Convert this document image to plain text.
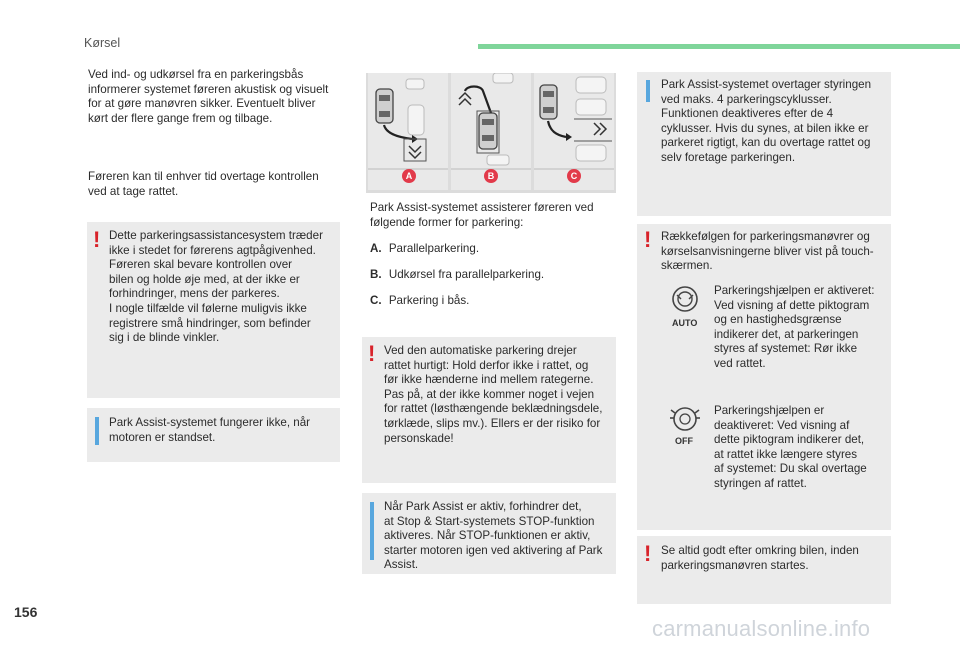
Kørsel
Ved ind- og udkørsel fra en parkeringsbås
informerer systemet føreren akustisk og visuelt
for at gøre manøvren sikker. Eventuelt bliver
kørt der flere gange frem og tilbage.
Føreren kan til enhver tid overtage kontrollen
ved at tage rattet.
! Dette parkeringsassistancesystem træder
ikke i stedet for førerens agtpågivenhed.
Føreren skal bevare kontrollen over
bilen og holde øje med, at der ikke er
forhindringer, mens der parkeres.
I nogle tilfælde vil følerne muligvis ikke
registrere små hindringer, som befinder
sig i de blinde vinkler.
Park Assist-systemet fungerer ikke, når
motoren er standset.
A	B	C
Park Assist-systemet assisterer føreren ved
følgende former for parkering:
A. Parallelparkering.
B. Udkørsel fra parallelparkering.
C. Parkering i bås.
! Ved den automatiske parkering drejer
rattet hurtigt: Hold derfor ikke i rattet, og
før ikke hænderne ind mellem rategerne.
Pas på, at der ikke kommer noget i vejen
for rattet (løsthængende beklædningsdele,
tørklæde, slips mv.). Ellers er der risiko for
personskade!
Når Park Assist er aktiv, forhindrer det,
at Stop & Start-systemets STOP-funktion
aktiveres. Når STOP-funktionen er aktiv,
starter motoren igen ved aktivering af Park
Assist.
Park Assist-systemet overtager styringen
ved maks. 4 parkeringscyklusser.
Funktionen deaktiveres efter de 4
cyklusser. Hvis du synes, at bilen ikke er
parkeret rigtigt, kan du overtage rattet og
selv foretage parkeringen.
! Rækkefølgen for parkeringsmanøvrer og
kørselsanvisningerne bliver vist på touch-
skærmen.
AUTO
Parkeringshjælpen er aktiveret:
Ved visning af dette piktogram
og en hastighedsgrænse
indikerer det, at parkeringen
styres af systemet: Rør ikke
ved rattet.
OFF
Parkeringshjælpen er
deaktiveret: Ved visning af
dette piktogram indikerer det,
at rattet ikke længere styres
af systemet: Du skal overtage
styringen af rattet.
! Se altid godt efter omkring bilen, inden
parkeringsmanøvren startes.
156
carmanualsonline.info
